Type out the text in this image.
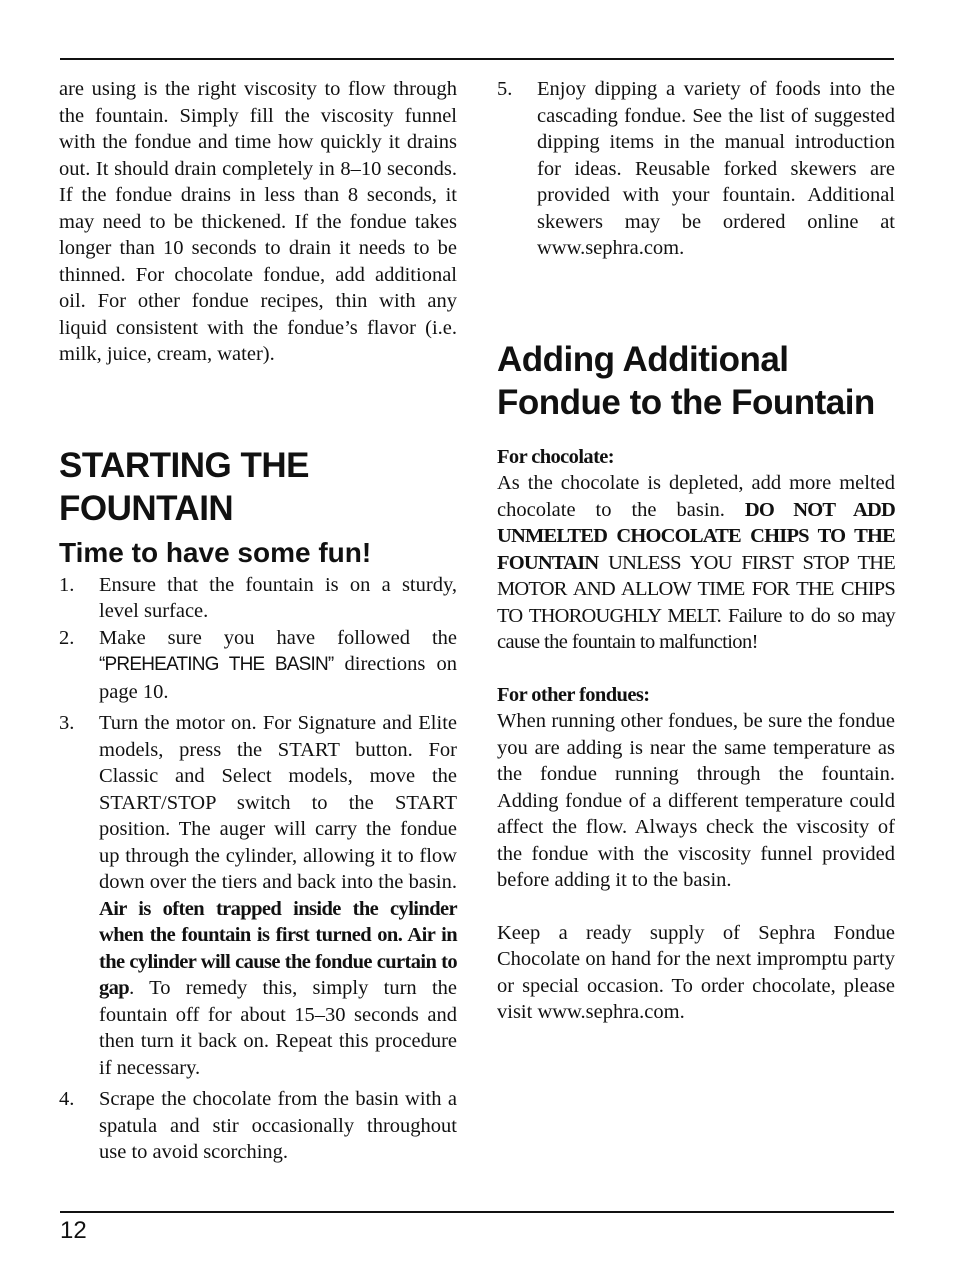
are using is the right viscosity to flow through the fountain. Simply fill the viscosity funnel with the fondue and time how quickly it drains out. It should drain completely in 8–10 seconds. If the fondue drains in less than 8 seconds, it may need to be thickened. If the fondue takes longer than 10 seconds to drain it needs to be thinned. For chocolate fondue, add additional oil. For other fondue recipes, thin with any liquid consistent with the fondue’s flavor (i.e. milk, juice, cream, water).

STARTING THE
FOUNTAIN
Time to have some fun!
1. Ensure that the fountain is on a sturdy, level surface.
2. Make sure you have followed the “PREHEATING THE BASIN” directions on page 10.
3. Turn the motor on. For Signature and Elite models, press the START button. For Classic and Select models, move the START/STOP switch to the START position. The auger will carry the fondue up through the cylinder, allowing it to flow down over the tiers and back into the basin. Air is often trapped inside the cylinder when the fountain is first turned on. Air in the cylinder will cause the fondue curtain to gap. To remedy this, simply turn the fountain off for about 15–30 seconds and then turn it back on. Repeat this procedure if necessary.
4. Scrape the chocolate from the basin with a spatula and stir occasionally throughout use to avoid scorching.
5. Enjoy dipping a variety of foods into the cascading fondue. See the list of suggested dipping items in the manual introduction for ideas. Reusable forked skewers are provided with your fountain. Additional skewers may be ordered online at www.sephra.com.
Adding Additional
Fondue to the Fountain

For chocolate:

As the chocolate is depleted, add more melted chocolate to the basin. DO NOT ADD UNMELTED CHOCOLATE CHIPS TO THE FOUNTAIN UNLESS YOU FIRST STOP THE MOTOR AND ALLOW TIME FOR THE CHIPS TO THOROUGHLY MELT. Failure to do so may cause the fountain to malfunction!

For other fondues:

When running other fondues, be sure the fondue you are adding is near the same temperature as the fondue running through the fountain. Adding fondue of a different temperature could affect the flow. Always check the viscosity of the fondue with the viscosity funnel provided before adding it to the basin.

Keep a ready supply of Sephra Fondue Chocolate on hand for the next impromptu party or special occasion. To order chocolate, please visit www.sephra.com.

12
